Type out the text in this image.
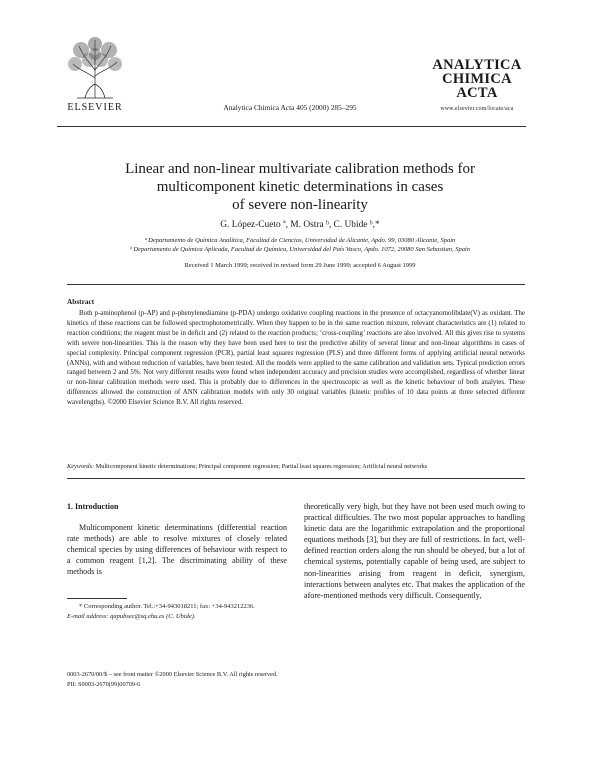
ELSEVIER	Analytica Chimica Acta 405 (2000) 285–295
ANALYTICA
CHIMICA
ACTA
www.elsevier.com/locate/aca
Linear and non-linear multivariate calibration methods for
multicomponent kinetic determinations in cases
of severe non-linearity
G. López-Cueto ª, M. Ostra ᵇ, C. Ubide ᵇ,*
ª Departamento de Química Analítica, Facultad de Ciencias, Universidad de Alicante, Apdo. 99, 03080 Alicante, Spain
ᵇ Departamento de Química Aplicada, Facultad de Química, Universidad del País Vasco, Apdo. 1072, 20080 San Sebastian, Spain
Received 1 March 1999; received in revised form 29 June 1999; accepted 6 August 1999
Abstract
Both p-aminophenol (p-AP) and p-phenylenediamine (p-PDA) undergo oxidative coupling reactions in the presence of octacyanomolibdate(V) as oxidant. The kinetics of these reactions can be followed spectrophotometrically. When they happen to be in the same reaction mixture, relevant characteristics are (1) related to reaction conditions; the reagent must be in deficit and (2) related to the reaction products; ‘cross-coupling’ reactions are also involved. All this gives rise to systems with severe non-linearities. This is the reason why they have been used here to test the predictive ability of several linear and non-linear algorithms in cases of special complexity. Principal component regression (PCR), partial least squares regression (PLS) and three different forms of applying artificial neural networks (ANNs), with and without reduction of variables, have been tested. All the models were applied to the same calibration and validation sets. Typical prediction errors ranged between 2 and 5%. Not very different results were found when independent accuracy and precision studies were accomplished, regardless of whether linear or non-linear calibration methods were used. This is probably due to differences in the spectroscopic as well as the kinetic behaviour of both analytes. These differences allowed the construction of ANN calibration models with only 30 original variables (kinetic profiles of 10 data points at three selected different wavelengths). ©2000 Elsevier Science B.V. All rights reserved.
Keywords: Multicomponent kinetic determinations; Principal component regression; Partial least squares regression; Artificial neural networks
1. Introduction
Multicomponent kinetic determinations (differential reaction rate methods) are able to resolve mixtures of closely related chemical species by using differences of behaviour with respect to a common reagent [1,2]. The discriminating ability of these methods is
theoretically very high, but they have not been used much owing to practical difficulties. The two most popular approaches to handling kinetic data are the logarithmic extrapolation and the proportional equations methods [3], but they are full of restrictions. In fact, well-defined reaction orders along the run should be obeyed, but a lot of chemical systems, potentially capable of being used, are subject to non-linearities arising from reagent in deficit, synergism, interactions between analytes etc. That makes the application of the afore-mentioned methods very difficult. Consequently,
* Corresponding author. Tel.:+34-943018211; fax: +34-943212236.
E-mail address: qapubsec@sq.ehu.es (C. Ubide).
0003-2670/00/$ – see front matter ©2000 Elsevier Science B.V. All rights reserved.
PII: S0003-2670(99)00709-6
